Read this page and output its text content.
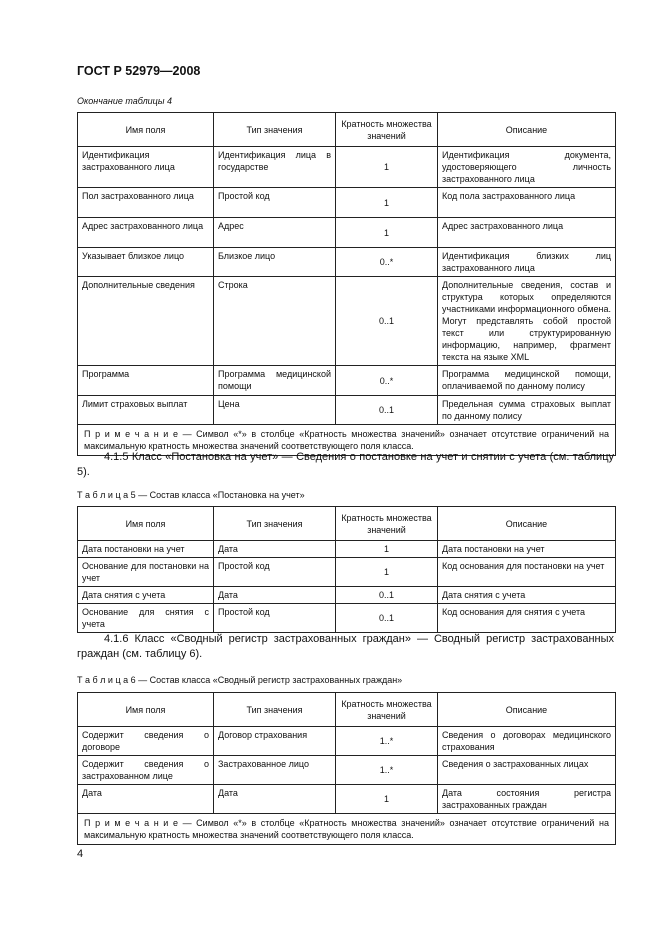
ГОСТ Р 52979—2008
Окончание таблицы 4
Имя поля	Тип значения	Кратность множества значений	Описание
Идентификация застрахованного лица	Идентификация лица в государстве	1	Идентификация документа, удостоверяющего личность застрахованного лица
Пол застрахованного лица	Простой код	1	Код пола застрахованного лица
Адрес застрахованного лица	Адрес	1	Адрес застрахованного лица
Указывает близкое лицо	Близкое лицо	0..*	Идентификация близких лиц застрахованного лица
Дополнительные сведения	Строка	0..1	Дополнительные сведения, состав и структура которых определяются участниками информационного обмена. Могут представлять собой простой текст или структурированную информацию, например, фрагмент текста на языке XML
Программа	Программа медицинской помощи	0..*	Программа медицинской помощи, оплачиваемой по данному полису
Лимит страховых выплат	Цена	0..1	Предельная сумма страховых выплат по данному полису
П р и м е ч а н и е — Символ «*» в столбце «Кратность множества значений» означает отсутствие ограничений на максимальную кратность множества значений соответствующего поля класса.			
4.1.5 Класс «Постановка на учет» — Сведения о постановке на учет и снятии с учета (см. таблицу 5).
Т а б л и ц а 5 — Состав класса «Постановка на учет»
Имя поля	Тип значения	Кратность множества значений	Описание
Дата постановки на учет	Дата	1	Дата постановки на учет
Основание для постановки на учет	Простой код	1	Код основания для постановки на учет
Дата снятия с учета	Дата	0..1	Дата снятия с учета
Основание для снятия с учета	Простой код	0..1	Код основания для снятия с учета
4.1.6 Класс «Сводный регистр застрахованных граждан» — Сводный регистр застрахованных граждан (см. таблицу 6).
Т а б л и ц а 6 — Состав класса «Сводный регистр застрахованных граждан»
Имя поля	Тип значения	Кратность множества значений	Описание
Содержит сведения о договоре	Договор страхования	1..*	Сведения о договорах медицинского страхования
Содержит сведения о застрахованном лице	Застрахованное лицо	1..*	Сведения о застрахованных лицах
Дата	Дата	1	Дата состояния регистра застрахованных граждан
П р и м е ч а н и е — Символ «*» в столбце «Кратность множества значений» означает отсутствие ограничений на максимальную кратность множества значений соответствующего поля класса.			
4
